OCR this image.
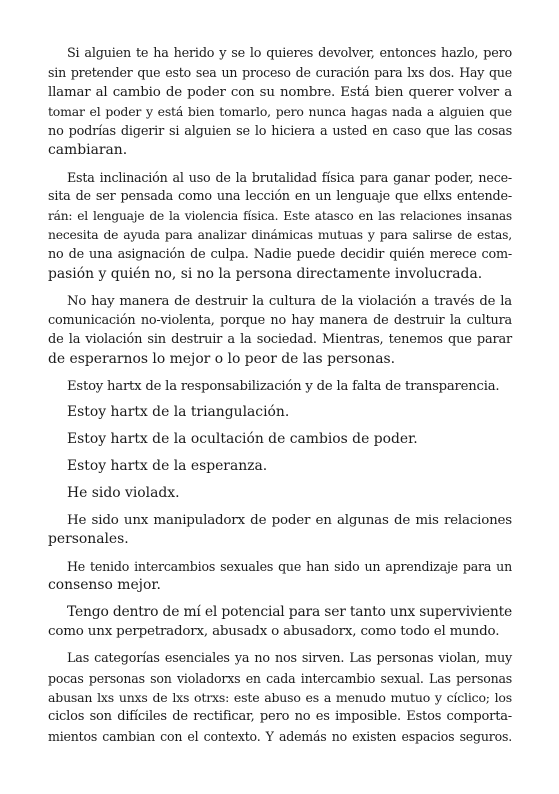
Si alguien te ha herido y se lo quieres devolver, entonces hazlo, pero
sin pretender que esto sea un proceso de curación para lxs dos. Hay que
llamar al cambio de poder con su nombre. Está bien querer volver a
tomar el poder y está bien tomarlo, pero nunca hagas nada a alguien que
no podrías digerir si alguien se lo hiciera a usted en caso que las cosas
cambiaran.

Esta inclinación al uso de la brutalidad física para ganar poder, nece-
sita de ser pensada como una lección en un lenguaje que ellxs entende-
rán: el lenguaje de la violencia física. Este atasco en las relaciones insanas
necesita de ayuda para analizar dinámicas mutuas y para salirse de estas,
no de una asignación de culpa. Nadie puede decidir quién merece com-
pasión y quién no, si no la persona directamente involucrada.

No hay manera de destruir la cultura de la violación a través de la
comunicación no-violenta, porque no hay manera de destruir la cultura
de la violación sin destruir a la sociedad. Mientras, tenemos que parar
de esperarnos lo mejor o lo peor de las personas.

Estoy hartx de la responsabilización y de la falta de transparencia.

Estoy hartx de la triangulación.

Estoy hartx de la ocultación de cambios de poder.

Estoy hartx de la esperanza.

He sido violadx.

He sido unx manipuladorx de poder en algunas de mis relaciones
personales.

He tenido intercambios sexuales que han sido un aprendizaje para un
consenso mejor.

Tengo dentro de mí el potencial para ser tanto unx superviviente
como unx perpetradorx, abusadx o abusadorx, como todo el mundo.

Las categorías esenciales ya no nos sirven. Las personas violan, muy
pocas personas son violadorxs en cada intercambio sexual. Las personas
abusan lxs unxs de lxs otrxs: este abuso es a menudo mutuo y cíclico; los
ciclos son difíciles de rectificar, pero no es imposible. Estos comporta-
mientos cambian con el contexto. Y además no existen espacios seguros.
